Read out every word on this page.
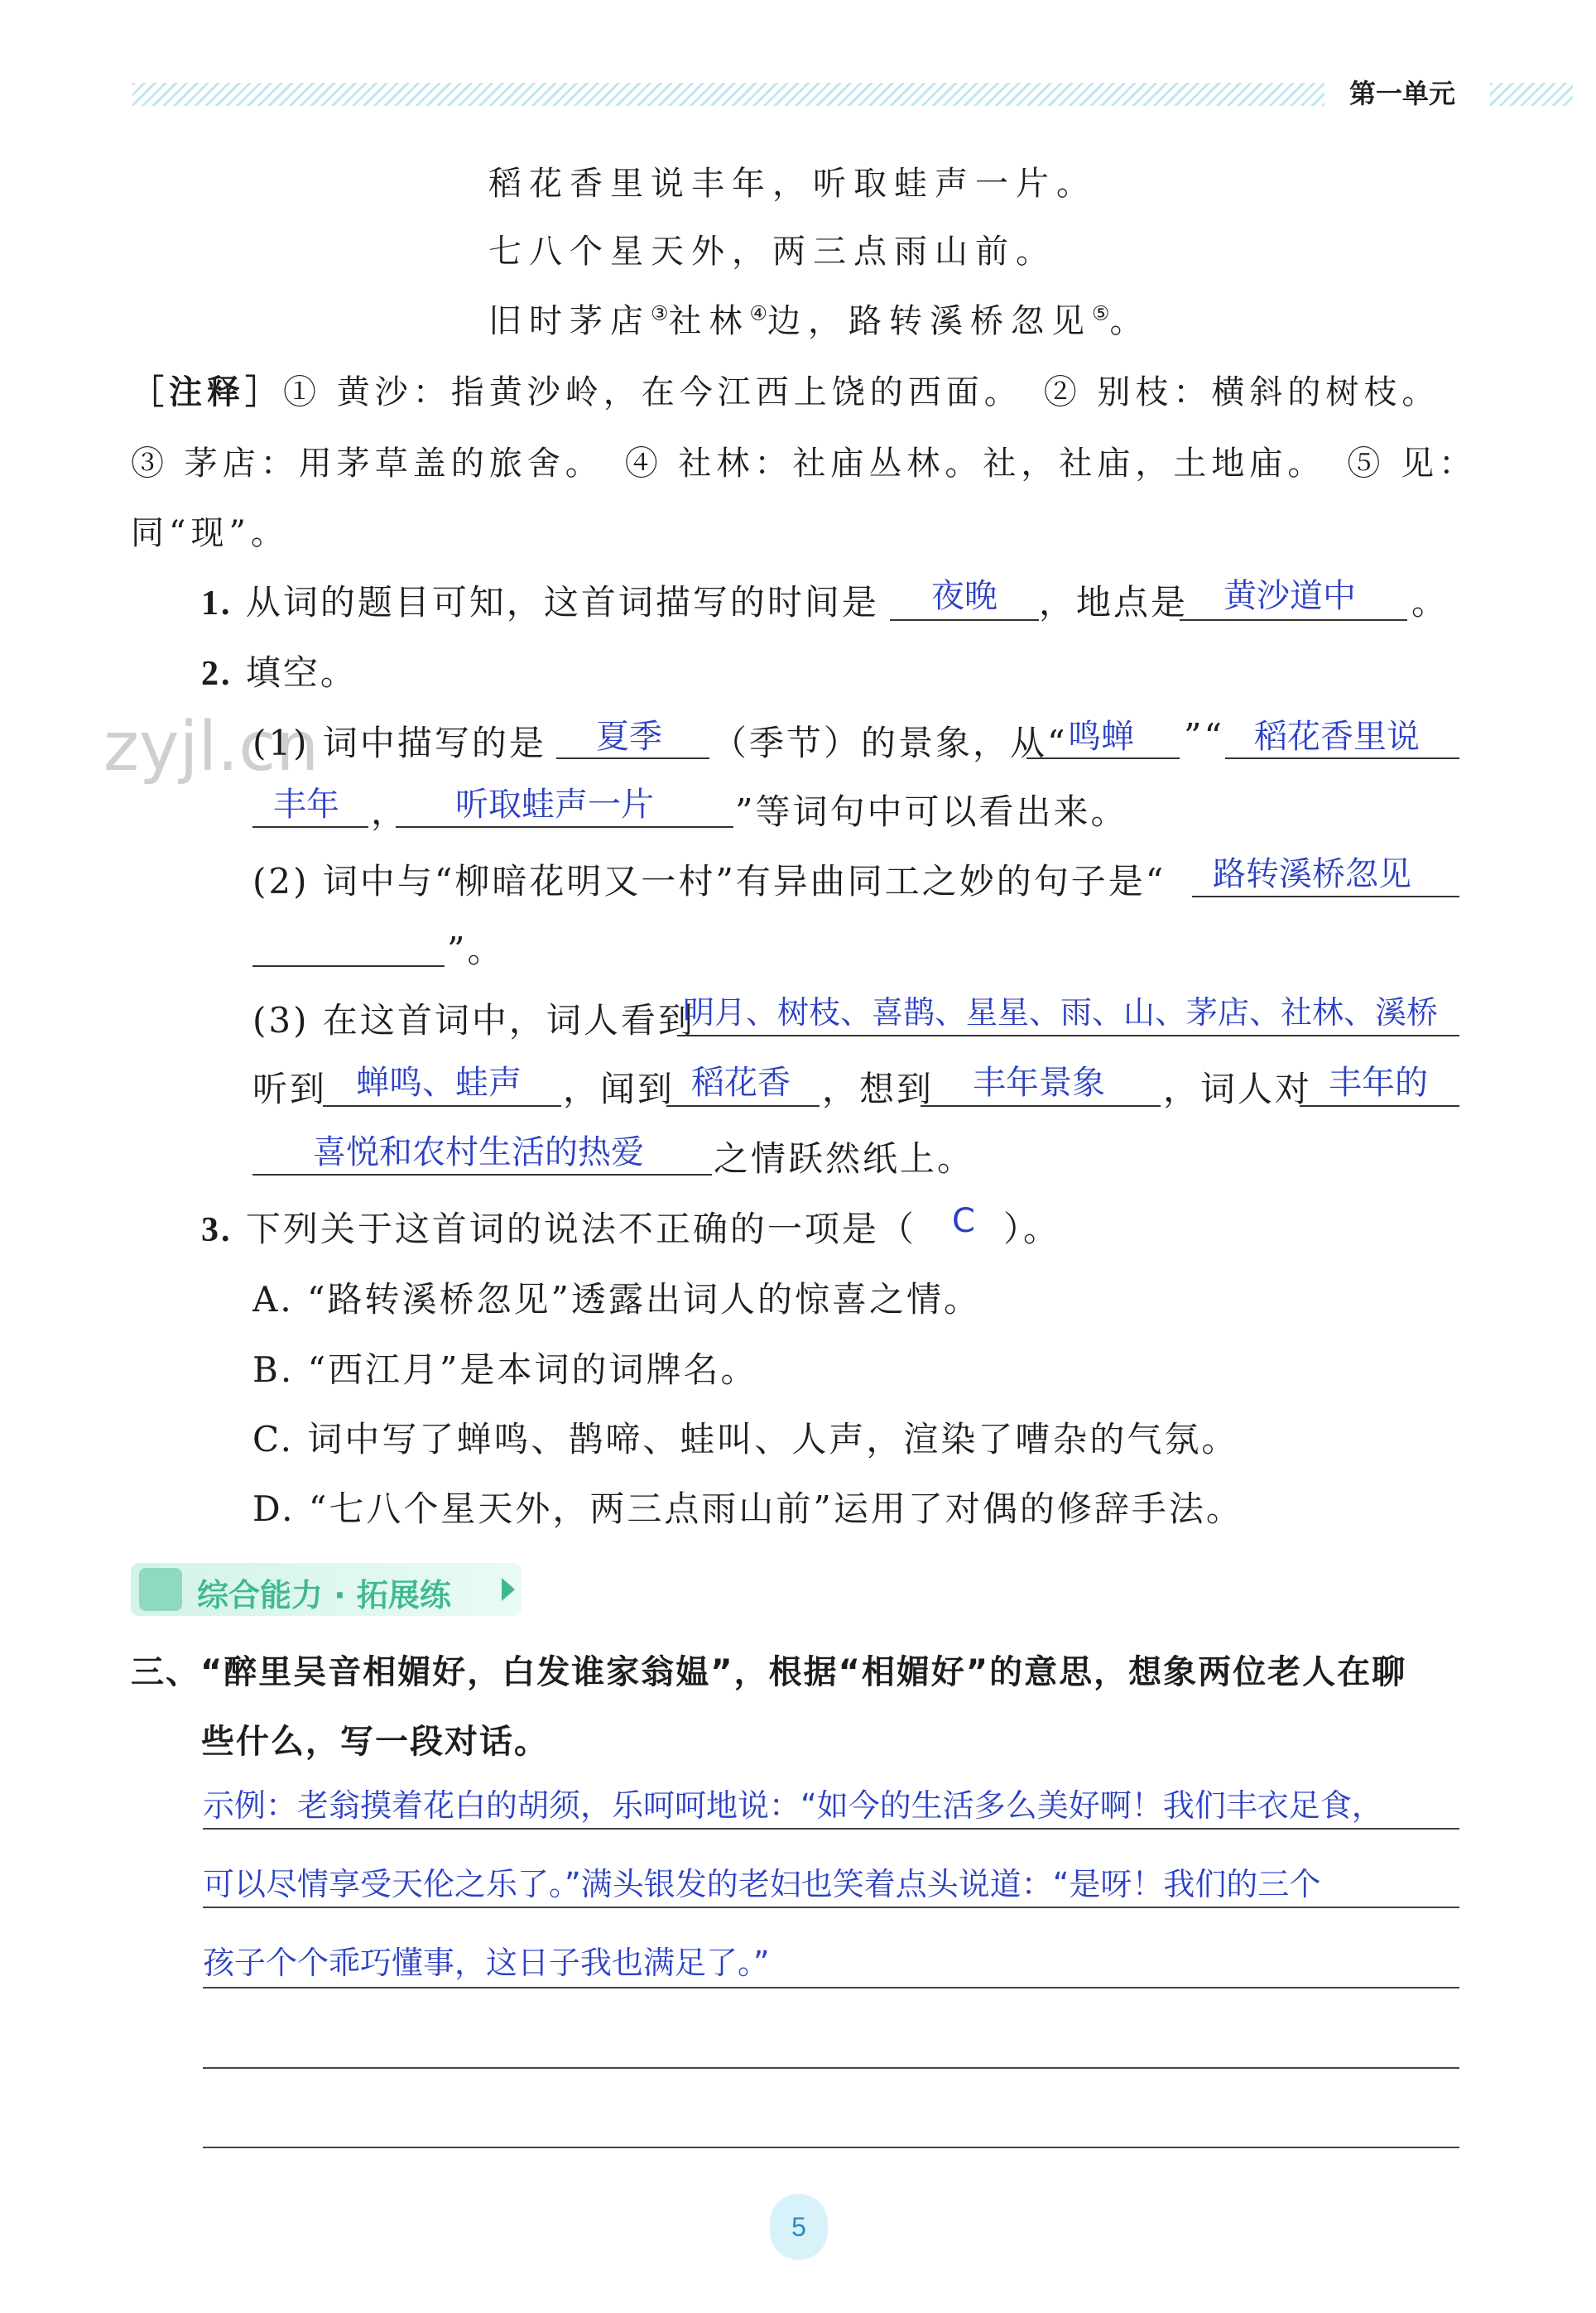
第一单元
zyjl.cn
稻花香里说丰年，听取蛙声一片。
七八个星天外，两三点雨山前。
旧时茅店③社林④边，路转溪桥忽见⑤。
［注释］① 黄沙：指黄沙岭，在今江西上饶的西面。　② 别枝：横斜的树枝。
③ 茅店：用茅草盖的旅舍。　④ 社林：社庙丛林。社，社庙，土地庙。　⑤ 见：
同“现”。
1. 从词的题目可知，这首词描写的时间是 夜晚 ，地点是 黄沙道中 。
2. 填空。
(1) 词中描写的是 夏季 （季节）的景象，从“ 鸣蝉 ”“ 稻花香里说
丰年 ， 听取蛙声一片 ”等词句中可以看出来。
(2) 词中与“柳暗花明又一村”有异曲同工之妙的句子是“ 路转溪桥忽见
”。
(3) 在这首词中，词人看到
明月、树枝、喜鹊、星星、雨、山、茅店、社林、溪桥
听到 蝉鸣、蛙声 ，闻到 稻花香 ，想到 丰年景象 ，词人对 丰年的
喜悦和农村生活的热爱 之情跃然纸上。
3. 下列关于这首词的说法不正确的一项是（ C ）。
A. “路转溪桥忽见”透露出词人的惊喜之情。
B. “西江月”是本词的词牌名。
C. 词中写了蝉鸣、鹊啼、蛙叫、人声，渲染了嘈杂的气氛。
D. “七八个星天外，两三点雨山前”运用了对偶的修辞手法。
综合能力 · 拓展练
三、“醉里吴音相媚好，白发谁家翁媪”，根据“相媚好”的意思，想象两位老人在聊
些什么，写一段对话。
示例：老翁摸着花白的胡须，乐呵呵地说：“如今的生活多么美好啊！我们丰衣足食，
可以尽情享受天伦之乐了。”满头银发的老妇也笑着点头说道：“是呀！我们的三个
孩子个个乖巧懂事，这日子我也满足了。”
5
